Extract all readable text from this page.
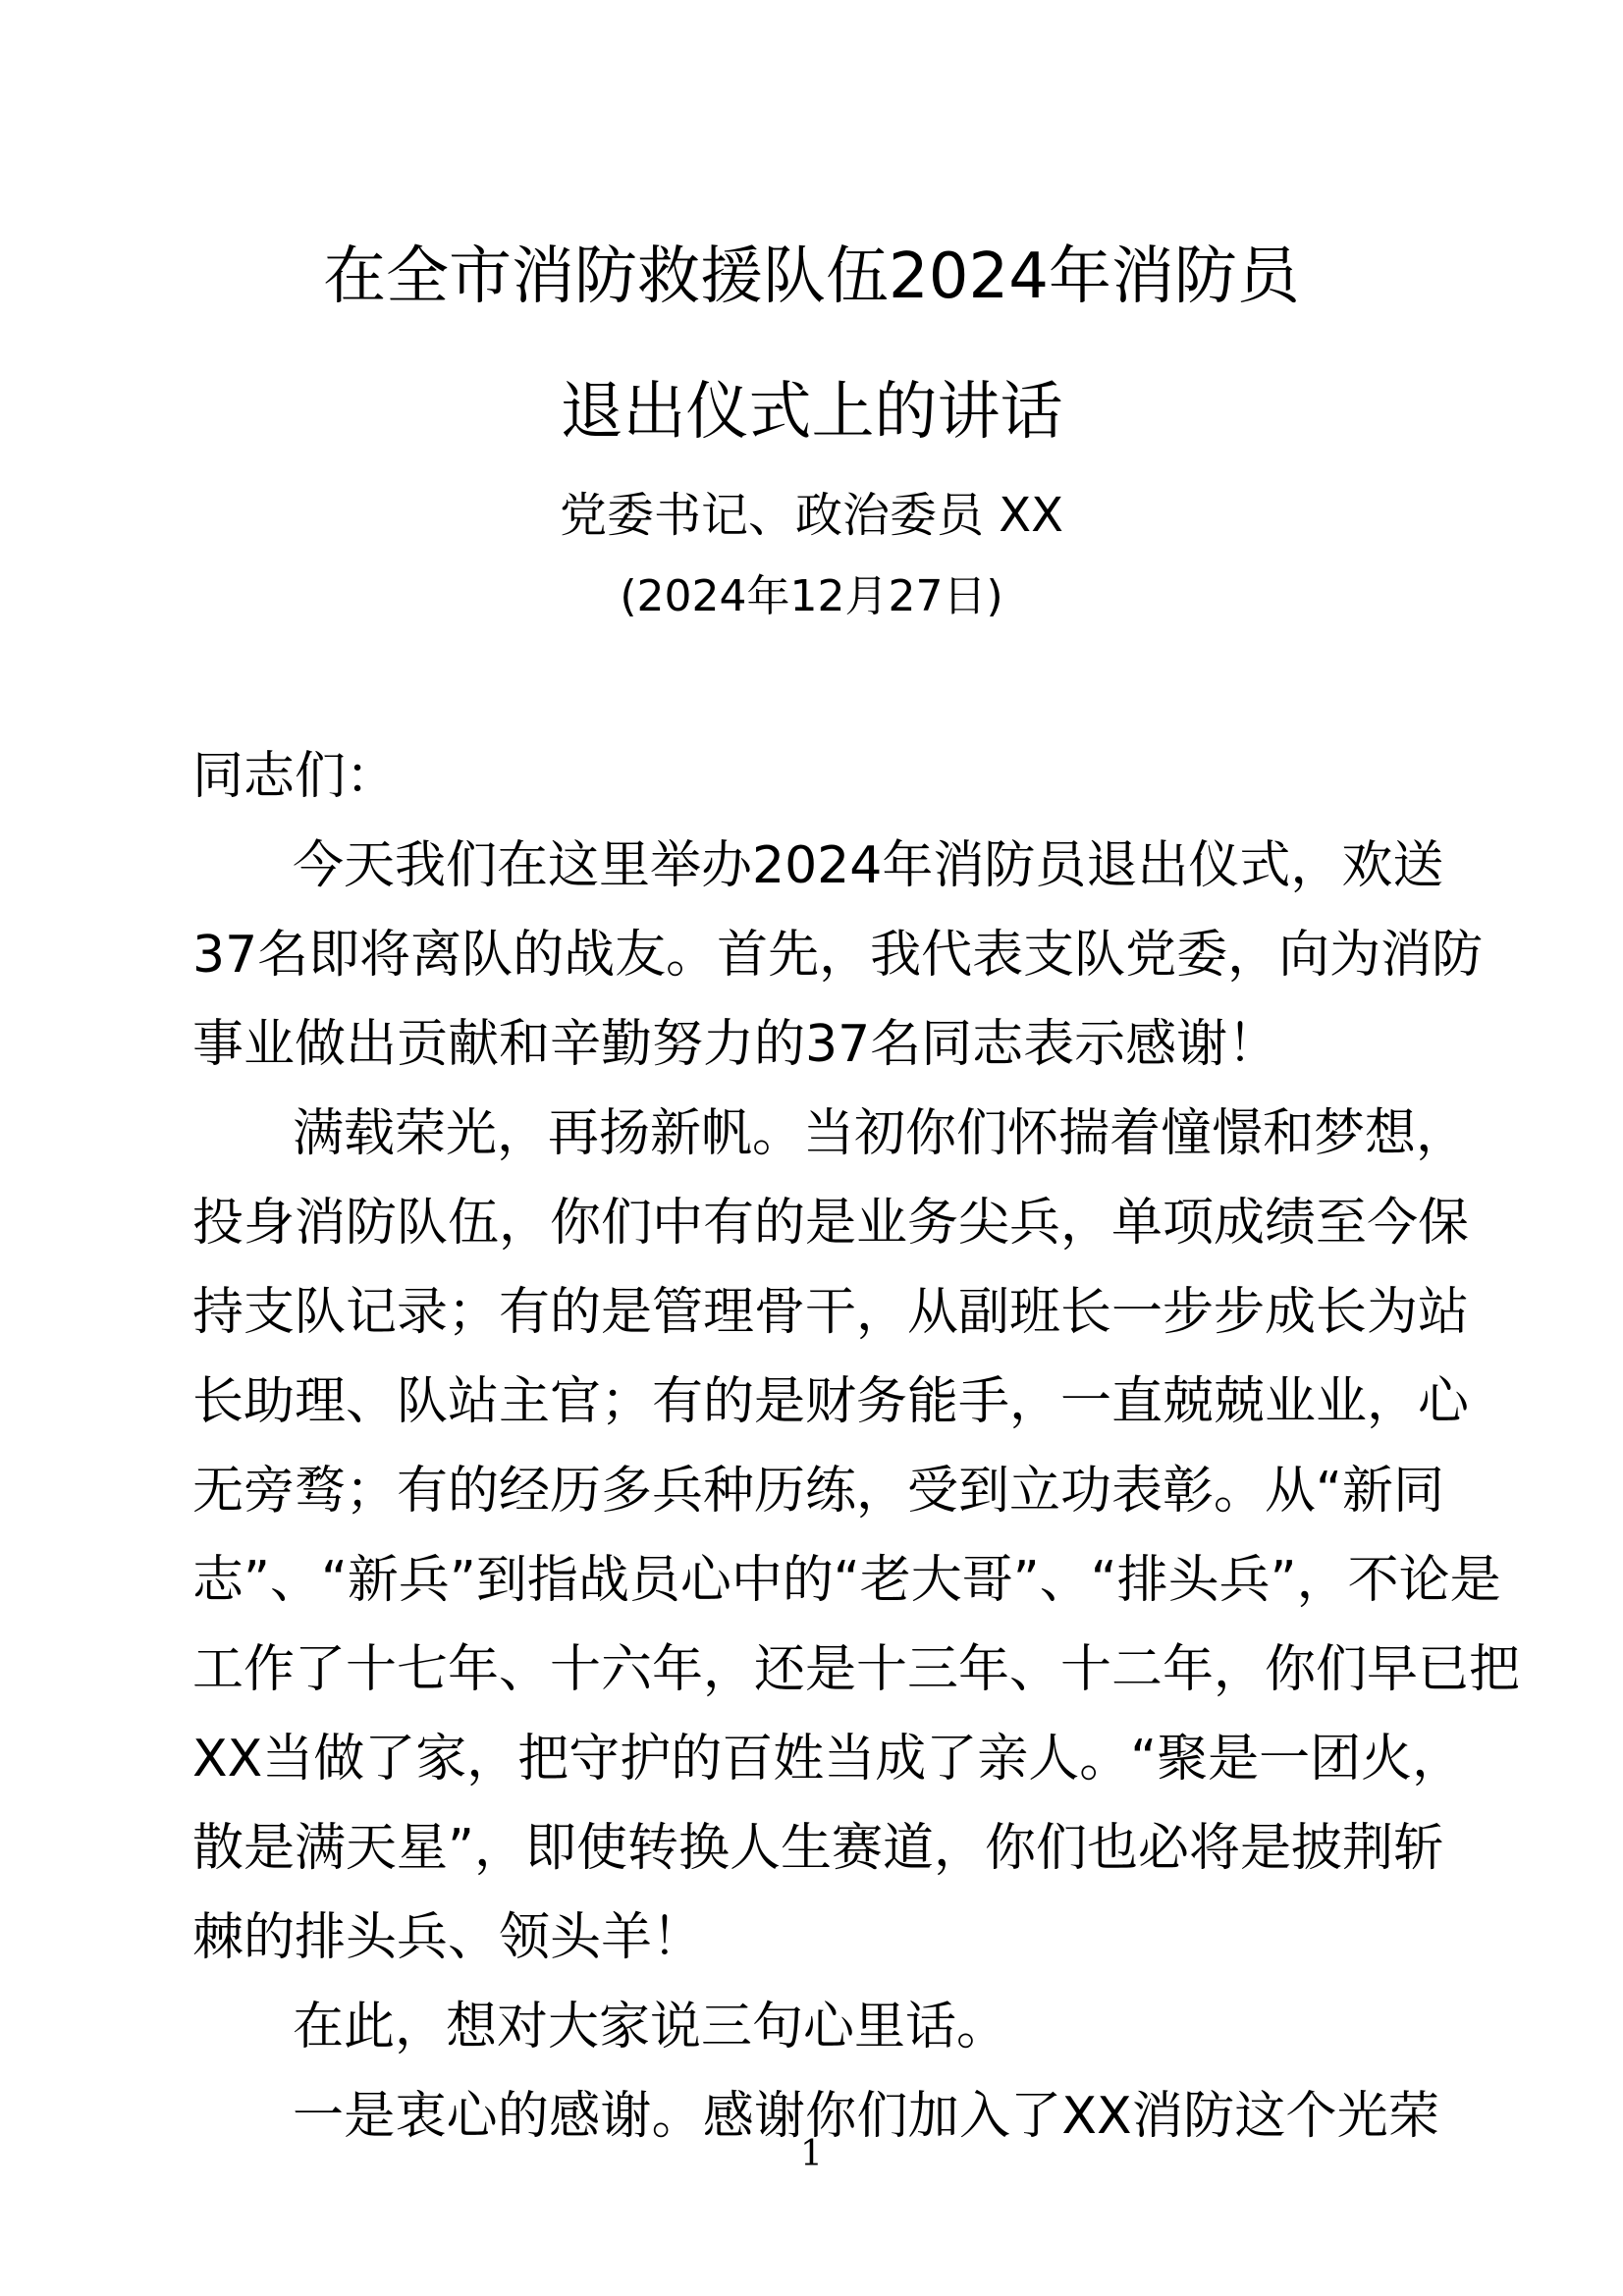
在全市消防救援队伍2024年消防员
退出仪式上的讲话
党委书记、政治委员 XX
(2024年12月27日)
同志们：
今天我们在这里举办2024年消防员退出仪式，欢送
37名即将离队的战友。首先，我代表支队党委，向为消防
事业做出贡献和辛勤努力的37名同志表示感谢！
满载荣光，再扬新帆。当初你们怀揣着憧憬和梦想，
投身消防队伍，你们中有的是业务尖兵，单项成绩至今保
持支队记录；有的是管理骨干，从副班长一步步成长为站
长助理、队站主官；有的是财务能手，一直兢兢业业，心
无旁骛；有的经历多兵种历练，受到立功表彰。从“新同
志”、“新兵”到指战员心中的“老大哥”、“排头兵”，不论是
工作了十七年、十六年，还是十三年、十二年，你们早已把
XX当做了家，把守护的百姓当成了亲人。“聚是一团火，
散是满天星”，即使转换人生赛道，你们也必将是披荆斩
棘的排头兵、领头羊！
在此，想对大家说三句心里话。
一是衷心的感谢。感谢你们加入了XX消防这个光荣
1
